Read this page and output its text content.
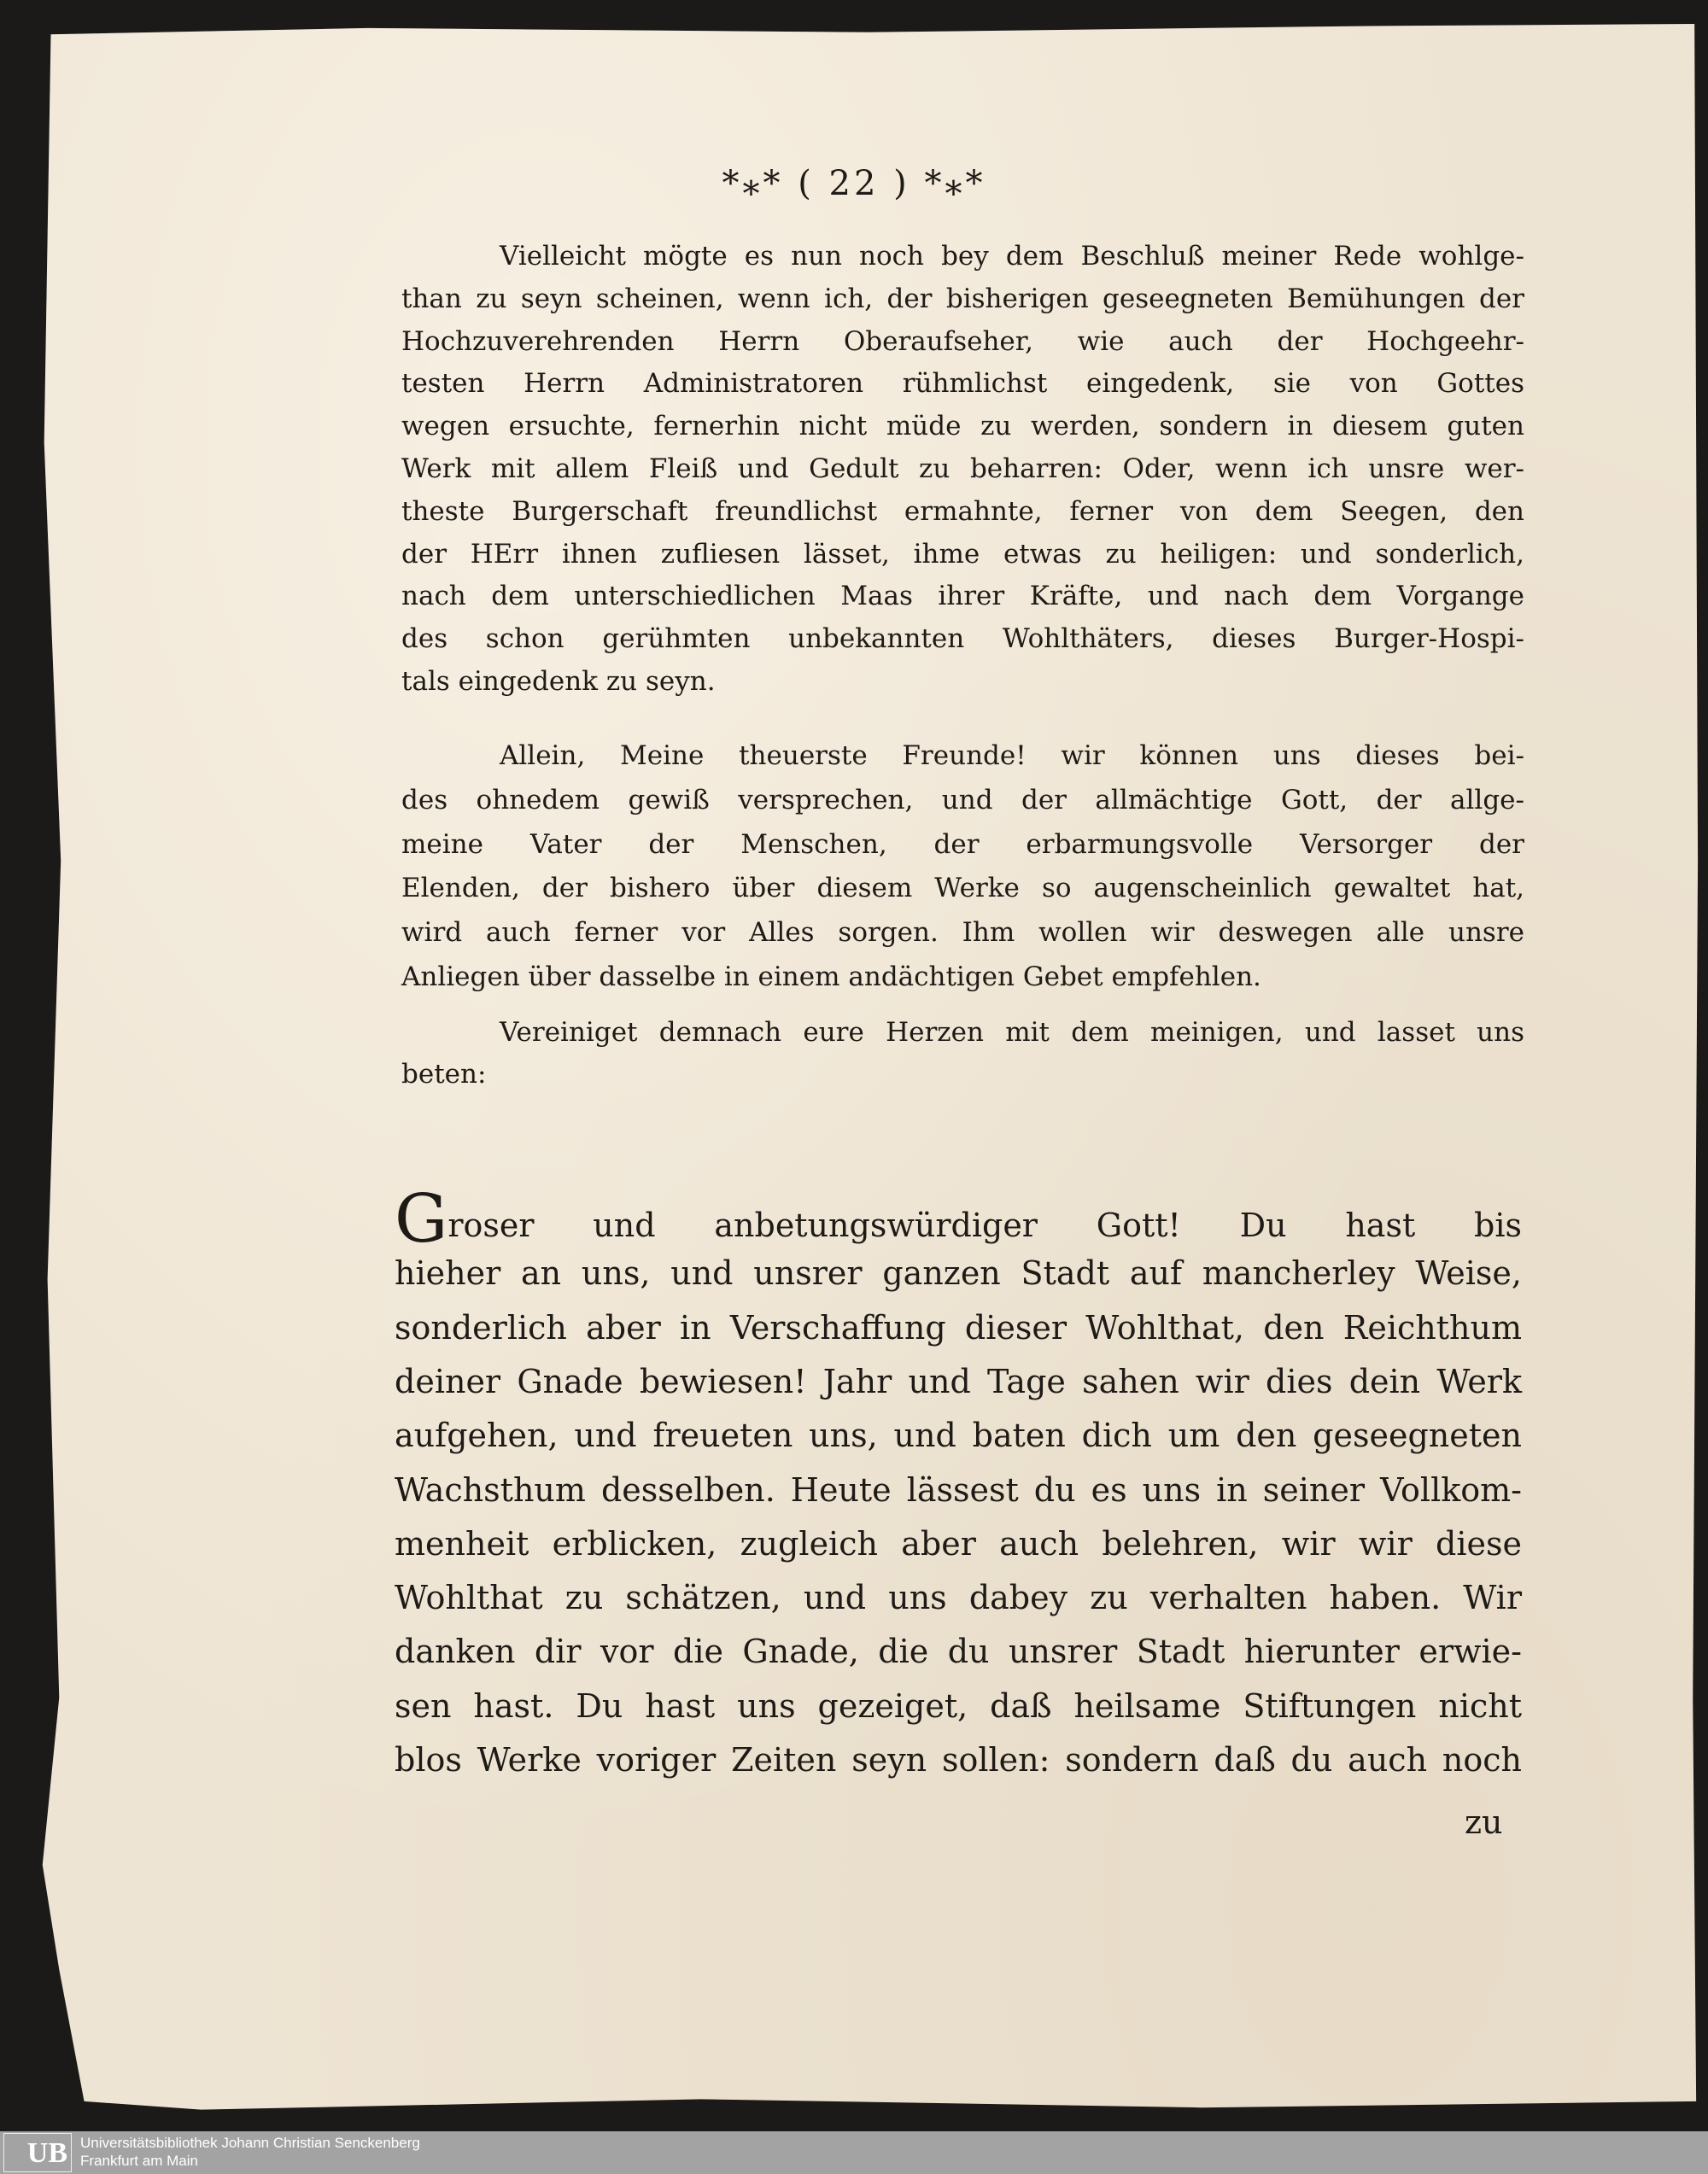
*⁎* ( 22 ) *⁎*
Vielleicht mögte es nun noch bey dem Beschluß meiner Rede wohlge-
than zu seyn scheinen, wenn ich, der bisherigen geseegneten Bemühungen der
Hochzuverehrenden Herrn Oberaufseher, wie auch der Hochgeehr-
testen Herrn Administratoren rühmlichst eingedenk, sie von Gottes
wegen ersuchte, fernerhin nicht müde zu werden, sondern in diesem guten
Werk mit allem Fleiß und Gedult zu beharren: Oder, wenn ich unsre wer-
theste Burgerschaft freundlichst ermahnte, ferner von dem Seegen, den
der HErr ihnen zufliesen lässet, ihme etwas zu heiligen: und sonderlich,
nach dem unterschiedlichen Maas ihrer Kräfte, und nach dem Vorgange
des schon gerühmten unbekannten Wohlthäters, dieses Burger-Hospi-
tals eingedenk zu seyn.
Allein, Meine theuerste Freunde! wir können uns dieses bei-
des ohnedem gewiß versprechen, und der allmächtige Gott, der allge-
meine Vater der Menschen, der erbarmungsvolle Versorger der
Elenden, der bishero über diesem Werke so augenscheinlich gewaltet hat,
wird auch ferner vor Alles sorgen. Ihm wollen wir deswegen alle unsre
Anliegen über dasselbe in einem andächtigen Gebet empfehlen.
Vereiniget demnach eure Herzen mit dem meinigen, und lasset uns
beten:
Groser und anbetungswürdiger Gott! Du hast bis
hieher an uns, und unsrer ganzen Stadt auf mancherley Weise,
sonderlich aber in Verschaffung dieser Wohlthat, den Reichthum
deiner Gnade bewiesen! Jahr und Tage sahen wir dies dein Werk
aufgehen, und freueten uns, und baten dich um den geseegneten
Wachsthum desselben. Heute lässest du es uns in seiner Vollkom-
menheit erblicken, zugleich aber auch belehren, wir wir diese
Wohlthat zu schätzen, und uns dabey zu verhalten haben. Wir
danken dir vor die Gnade, die du unsrer Stadt hierunter erwie-
sen hast. Du hast uns gezeiget, daß heilsame Stiftungen nicht
blos Werke voriger Zeiten seyn sollen: sondern daß du auch noch
zu
UB Universitätsbibliothek Johann Christian Senckenberg
Frankfurt am Main
